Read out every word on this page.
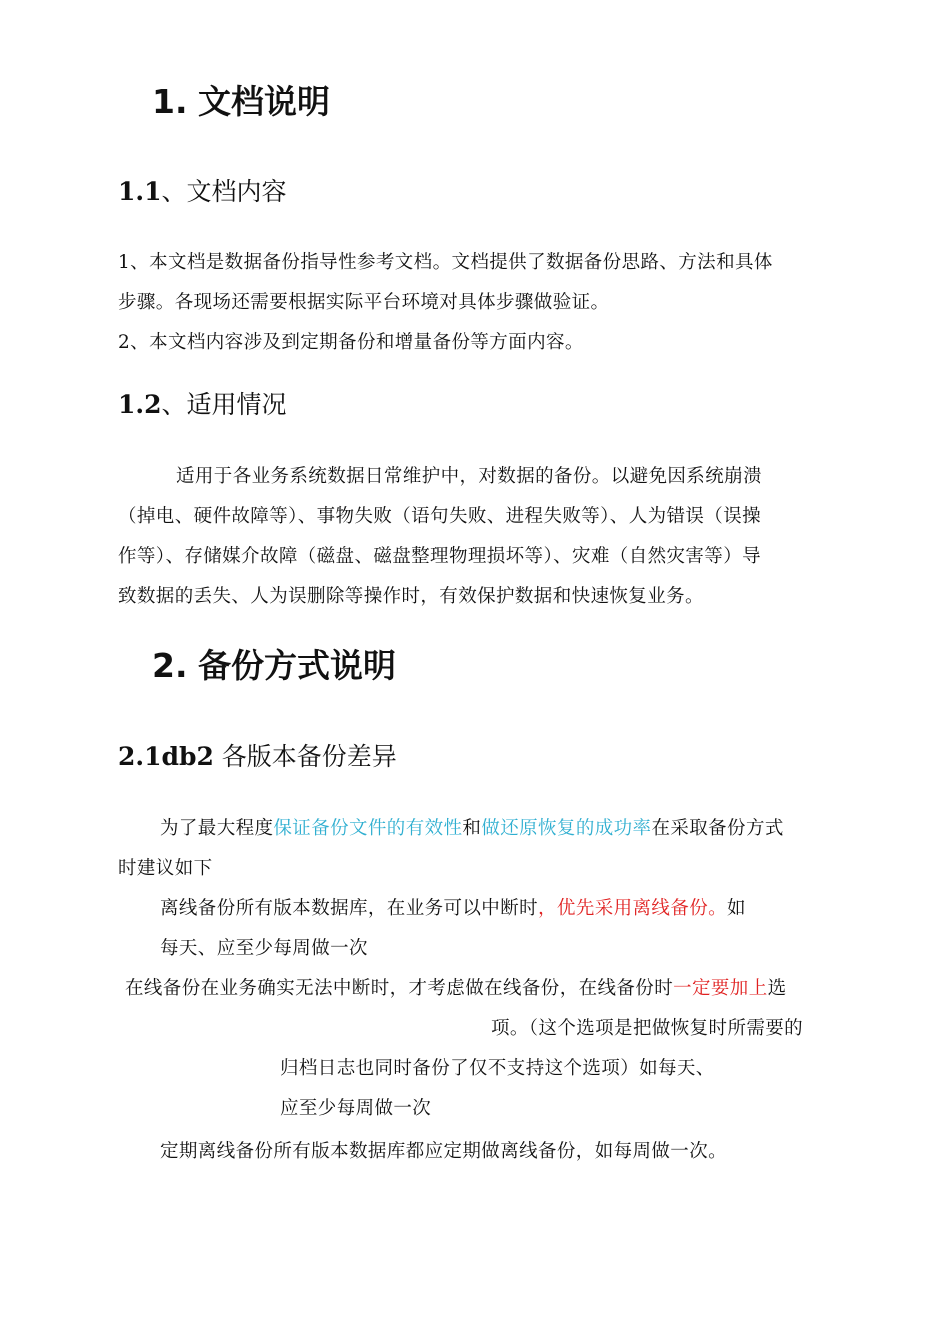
1. 文档说明
1.1、文档内容
1、本文档是数据备份指导性参考文档。文档提供了数据备份思路、方法和具体
步骤。各现场还需要根据实际平台环境对具体步骤做验证。
2、本文档内容涉及到定期备份和增量备份等方面内容。
1.2、适用情况
适用于各业务系统数据日常维护中，对数据的备份。以避免因系统崩溃
（掉电、硬件故障等）、事物失败（语句失败、进程失败等）、人为错误（误操
作等）、存储媒介故障（磁盘、磁盘整理物理损坏等）、灾难（自然灾害等）导
致数据的丢失、人为误删除等操作时，有效保护数据和快速恢复业务。
2. 备份方式说明
2.1db2 各版本备份差异
为了最大程度保证备份文件的有效性和做还原恢复的成功率在采取备份方式
时建议如下
离线备份所有版本数据库，在业务可以中断时，优先采用离线备份。如
每天、应至少每周做一次
在线备份在业务确实无法中断时，才考虑做在线备份，在线备份时一定要加上选
项。（这个选项是把做恢复时所需要的
归档日志也同时备份了仅不支持这个选项）如每天、
应至少每周做一次
定期离线备份所有版本数据库都应定期做离线备份，如每周做一次。
